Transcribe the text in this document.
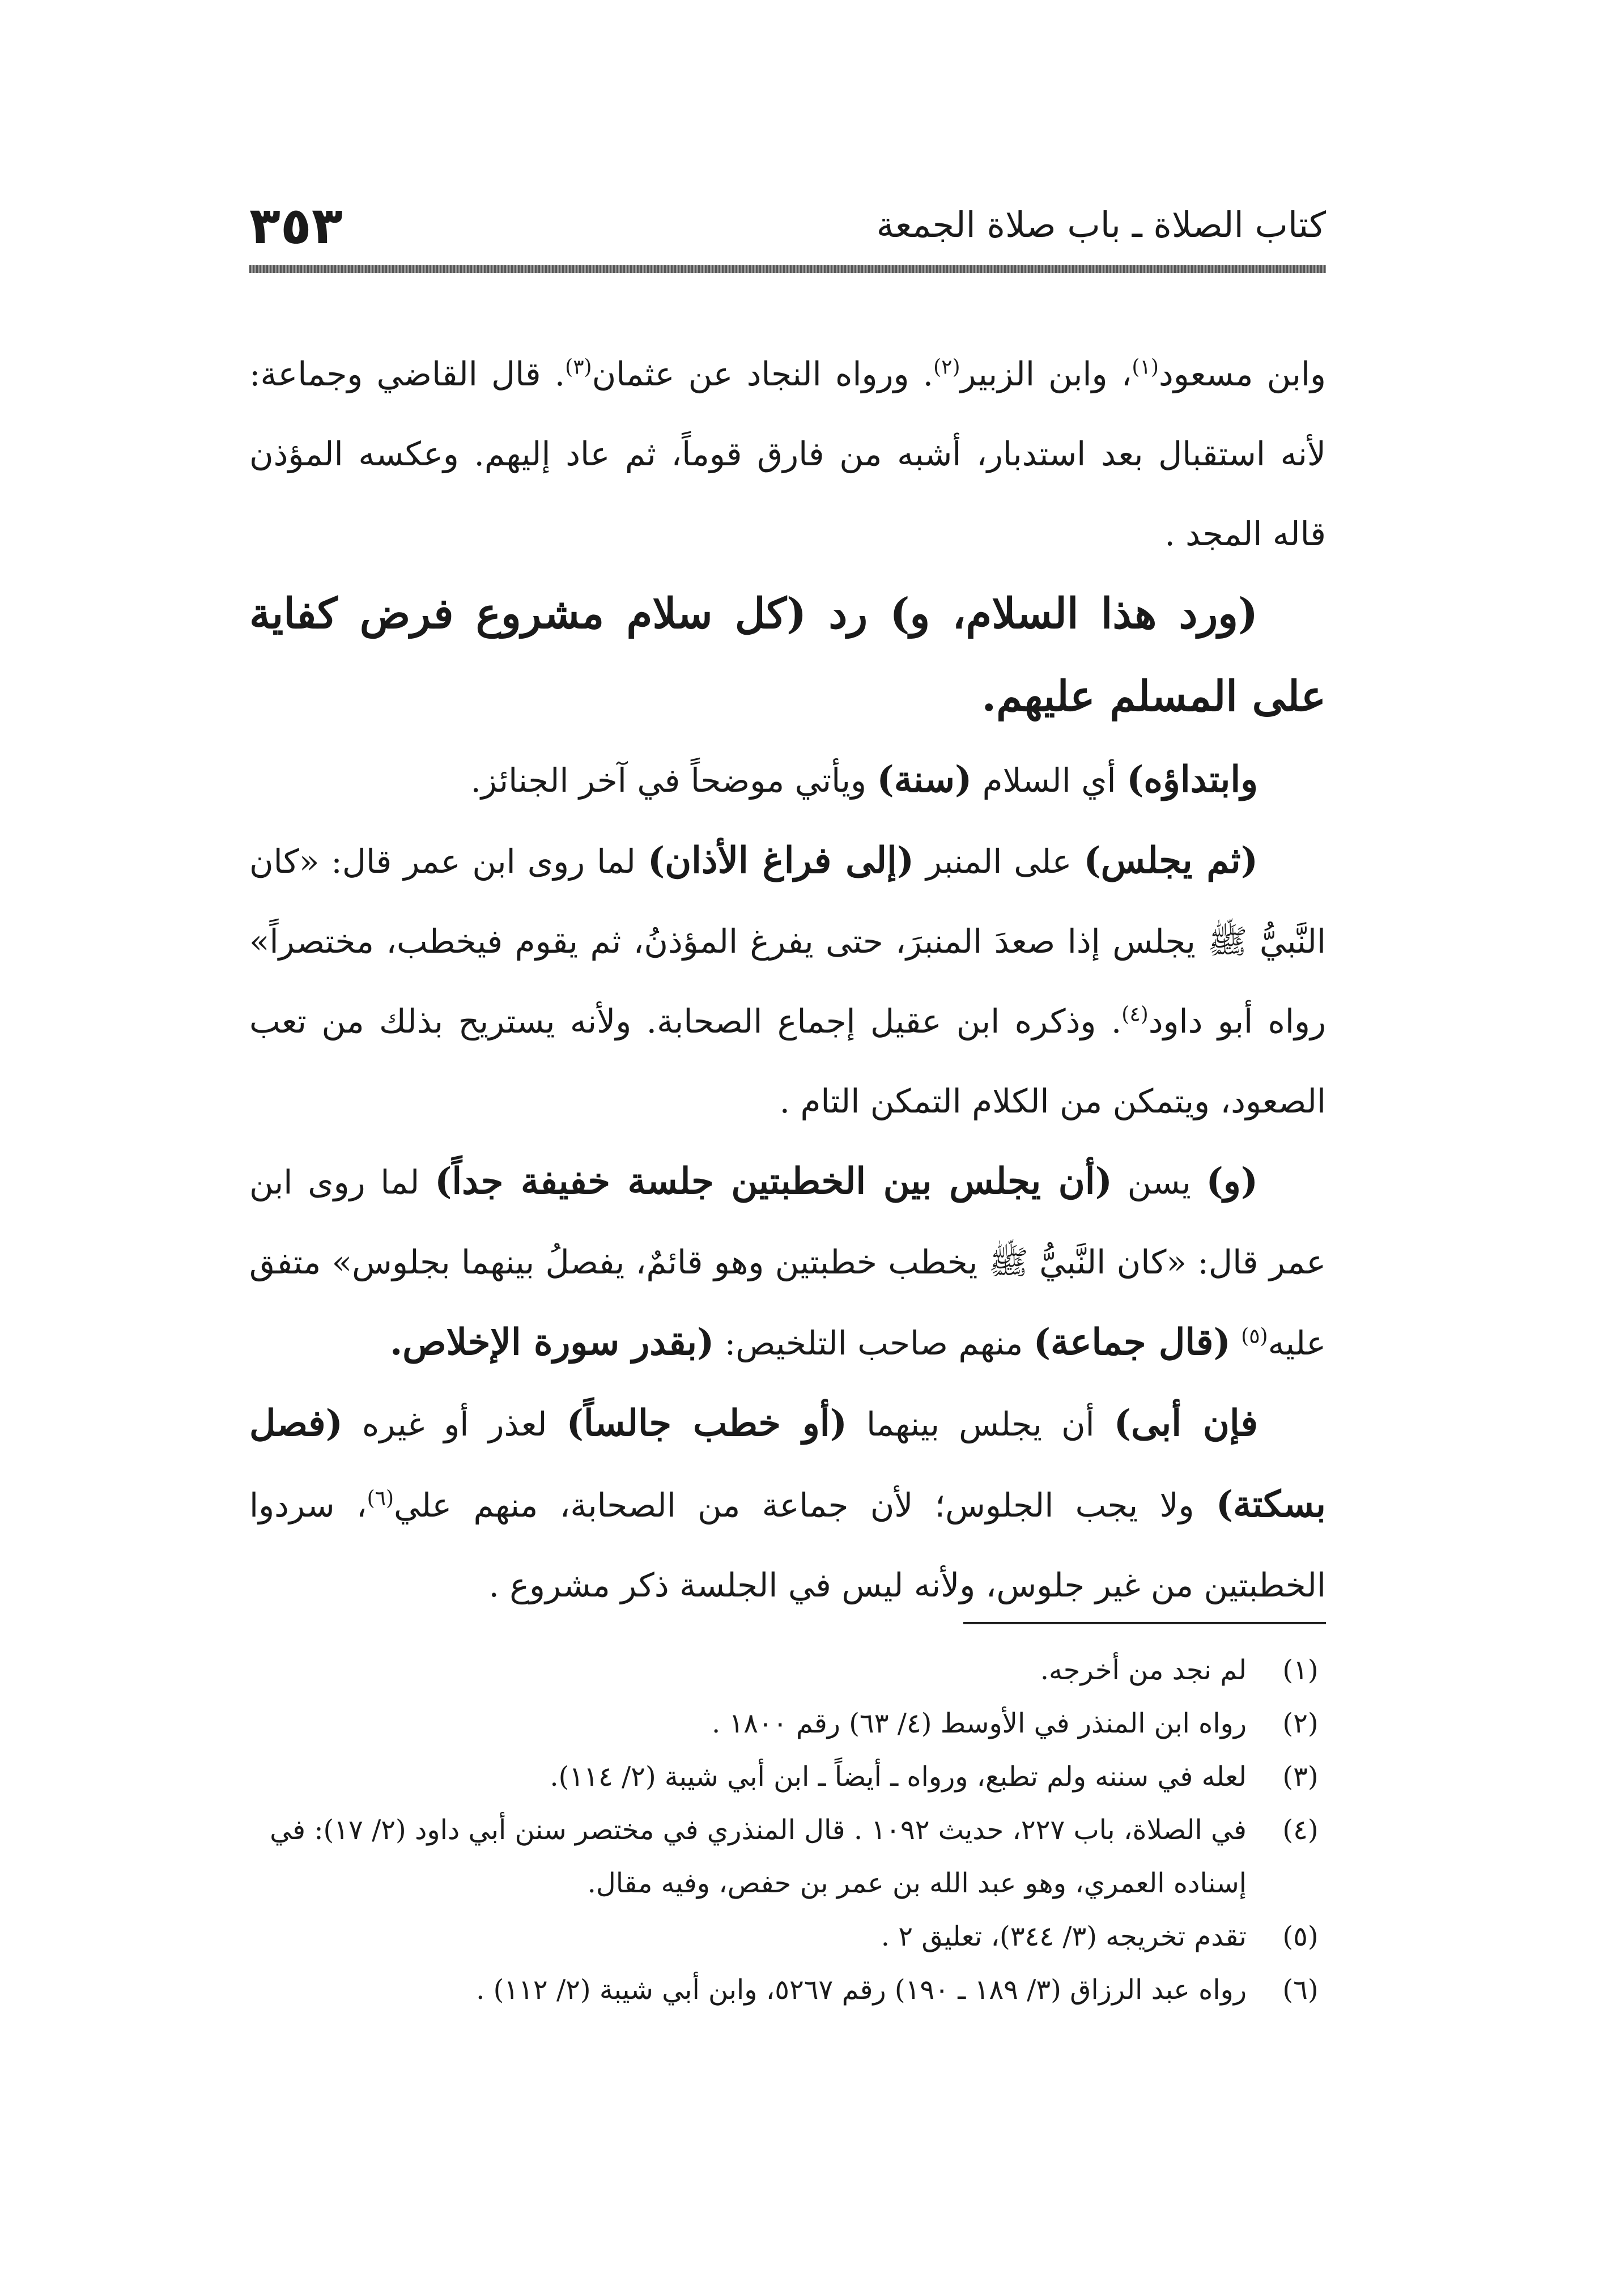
كتاب الصلاة ـ باب صلاة الجمعة
٣٥٣

وابن مسعود$^{(١)}$، وابن الزبير$^{(٢)}$. ورواه النجاد عن عثمان$^{(٣)}$. قال القاضي وجماعة: لأنه استقبال بعد استدبار، أشبه من فارق قوماً، ثم عاد إليهم. وعكسه المؤذن قاله المجد .

(ورد هذا السلام، و) رد (كل سلام مشروع فرض كفاية على المسلم عليهم.

وابتداؤه) أي السلام (سنة) ويأتي موضحاً في آخر الجنائز.

(ثم يجلس) على المنبر (إلى فراغ الأذان) لما روى ابن عمر قال: «كان النَّبيُّ ﷺ يجلس إذا صعدَ المنبرَ، حتى يفرغ المؤذنُ، ثم يقوم فيخطب، مختصراً» رواه أبو داود$^{(٤)}$. وذكره ابن عقيل إجماع الصحابة. ولأنه يستريح بذلك من تعب الصعود، ويتمكن من الكلام التمكن التام .

(و) يسن (أن يجلس بين الخطبتين جلسة خفيفة جداً) لما روى ابن عمر قال: «كان النَّبيُّ ﷺ يخطب خطبتين وهو قائمٌ، يفصلُ بينهما بجلوس» متفق عليه$^{(٥)}$ (قال جماعة) منهم صاحب التلخيص: (بقدر سورة الإخلاص.

فإن أبى) أن يجلس بينهما (أو خطب جالساً) لعذر أو غيره (فصل بسكتة) ولا يجب الجلوس؛ لأن جماعة من الصحابة، منهم علي$^{(٦)}$، سردوا الخطبتين من غير جلوس، ولأنه ليس في الجلسة ذكر مشروع .

(١)
لم نجد من أخرجه.
(٢)
رواه ابن المنذر في الأوسط (٤/ ٦٣) رقم ١٨٠٠ .
(٣)
لعله في سننه ولم تطبع، ورواه ـ أيضاً ـ ابن أبي شيبة (٢/ ١١٤).
(٤)
في الصلاة، باب ٢٢٧، حديث ١٠٩٢ . قال المنذري في مختصر سنن أبي داود (٢/ ١٧): في إسناده العمري، وهو عبد الله بن عمر بن حفص، وفيه مقال.
(٥)
تقدم تخريجه (٣/ ٣٤٤)، تعليق ٢ .
(٦)
رواه عبد الرزاق (٣/ ١٨٩ ـ ١٩٠) رقم ٥٢٦٧، وابن أبي شيبة (٢/ ١١٢) .
